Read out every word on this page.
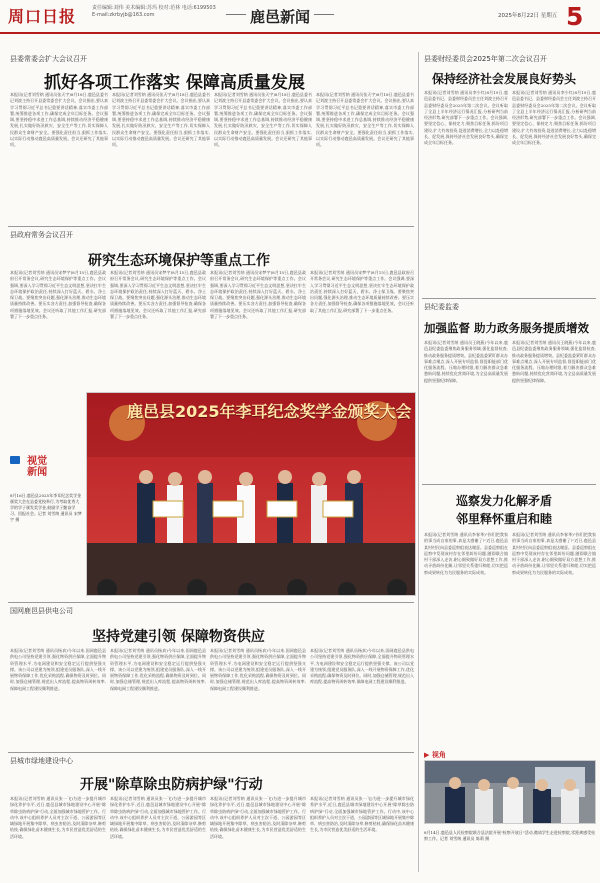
周口日报	责任编辑:刘伟 美术编辑:苏玛 校对:范林 电话:6199503
E-mail:zkrbyjb@163.com	鹿邑新闻	2025年8月22日 星期五 5
县委常委会扩大会议召开
抓好各项工作落实 保障高质量发展
本报讯(记者刘雪纳 通讯员张天宇)8月18日,鹿邑县委书记刘波主持召开县委常委会扩大会议。会议指出,要认真学习贯彻习近平总书记重要讲话精神,落实市委工作部署,统筹推进各项工作,确保完成全年目标任务。会议强调,要坚持稳中求进工作总基调,持续推动经济平稳健康发展,扎实做好防汛救灾、安全生产等工作,切实保障人民群众生命财产安全。要强化责任担当,狠抓工作落实,以实际行动推动鹿邑高质量发展。会议还研究了其他事项。
本报讯(记者刘雪纳 通讯员张天宇)8月18日,鹿邑县委书记刘波主持召开县委常委会扩大会议。会议指出,要认真学习贯彻习近平总书记重要讲话精神,落实市委工作部署,统筹推进各项工作,确保完成全年目标任务。会议强调,要坚持稳中求进工作总基调,持续推动经济平稳健康发展,扎实做好防汛救灾、安全生产等工作,切实保障人民群众生命财产安全。要强化责任担当,狠抓工作落实,以实际行动推动鹿邑高质量发展。会议还研究了其他事项。
本报讯(记者刘雪纳 通讯员张天宇)8月18日,鹿邑县委书记刘波主持召开县委常委会扩大会议。会议指出,要认真学习贯彻习近平总书记重要讲话精神,落实市委工作部署,统筹推进各项工作,确保完成全年目标任务。会议强调,要坚持稳中求进工作总基调,持续推动经济平稳健康发展,扎实做好防汛救灾、安全生产等工作,切实保障人民群众生命财产安全。要强化责任担当,狠抓工作落实,以实际行动推动鹿邑高质量发展。会议还研究了其他事项。
本报讯(记者刘雪纳 通讯员张天宇)8月18日,鹿邑县委书记刘波主持召开县委常委会扩大会议。会议指出,要认真学习贯彻习近平总书记重要讲话精神,落实市委工作部署,统筹推进各项工作,确保完成全年目标任务。会议强调,要坚持稳中求进工作总基调,持续推动经济平稳健康发展,扎实做好防汛救灾、安全生产等工作,切实保障人民群众生命财产安全。要强化责任担当,狠抓工作落实,以实际行动推动鹿邑高质量发展。会议还研究了其他事项。
县政府常务会议召开
研究生态环境保护等重点工作
本报讯(记者刘雪纳 通讯员宋梦宇)8月15日,鹿邑县政府召开常务会议,研究生态环境保护等重点工作。会议强调,要深入学习贯彻习近平生态文明思想,坚决扛牢生态环境保护政治责任,持续深入打好蓝天、碧水、净土保卫战。要聚焦突出问题,强化源头治理,推动生态环境质量持续改善。要压实各方责任,加强督导检查,确保各项措施落地见效。会议还听取了其他工作汇报,研究部署了下一步重点任务。
本报讯(记者刘雪纳 通讯员宋梦宇)8月15日,鹿邑县政府召开常务会议,研究生态环境保护等重点工作。会议强调,要深入学习贯彻习近平生态文明思想,坚决扛牢生态环境保护政治责任,持续深入打好蓝天、碧水、净土保卫战。要聚焦突出问题,强化源头治理,推动生态环境质量持续改善。要压实各方责任,加强督导检查,确保各项措施落地见效。会议还听取了其他工作汇报,研究部署了下一步重点任务。
本报讯(记者刘雪纳 通讯员宋梦宇)8月15日,鹿邑县政府召开常务会议,研究生态环境保护等重点工作。会议强调,要深入学习贯彻习近平生态文明思想,坚决扛牢生态环境保护政治责任,持续深入打好蓝天、碧水、净土保卫战。要聚焦突出问题,强化源头治理,推动生态环境质量持续改善。要压实各方责任,加强督导检查,确保各项措施落地见效。会议还听取了其他工作汇报,研究部署了下一步重点任务。
本报讯(记者刘雪纳 通讯员宋梦宇)8月15日,鹿邑县政府召开常务会议,研究生态环境保护等重点工作。会议强调,要深入学习贯彻习近平生态文明思想,坚决扛牢生态环境保护政治责任,持续深入打好蓝天、碧水、净土保卫战。要聚焦突出问题,强化源头治理,推动生态环境质量持续改善。要压实各方责任,加强督导检查,确保各项措施落地见效。会议还听取了其他工作汇报,研究部署了下一步重点任务。

视觉
新闻
8月16日,鹿邑县2025年李耳纪念奖学金颁奖大会在县委党校举行,为考取优秀大学的学子颁发奖学金,鼓励学子勤奋学习、回报社会。记者 刘雪纳 通讯员 宋梦宇 摄
鹿邑县2025年李耳纪念奖学金颁奖大会
国网鹿邑县供电公司
坚持党建引领 保障物资供应
本报讯(记者刘雪纳 通讯员杨真)今年以来,国网鹿邑县供电公司坚持党建引领,强化物资供应保障,全面提升物资管理水平,为电网建设和安全稳定运行提供坚强支撑。该公司以党建为统领,组建党员服务队,深入一线开展物资保障工作,优化采购流程,确保物资及时到位。同时,加强仓储管理,规范出入库流程,提高物资周转效率,保障电网工程建设顺利推进。
本报讯(记者刘雪纳 通讯员杨真)今年以来,国网鹿邑县供电公司坚持党建引领,强化物资供应保障,全面提升物资管理水平,为电网建设和安全稳定运行提供坚强支撑。该公司以党建为统领,组建党员服务队,深入一线开展物资保障工作,优化采购流程,确保物资及时到位。同时,加强仓储管理,规范出入库流程,提高物资周转效率,保障电网工程建设顺利推进。
本报讯(记者刘雪纳 通讯员杨真)今年以来,国网鹿邑县供电公司坚持党建引领,强化物资供应保障,全面提升物资管理水平,为电网建设和安全稳定运行提供坚强支撑。该公司以党建为统领,组建党员服务队,深入一线开展物资保障工作,优化采购流程,确保物资及时到位。同时,加强仓储管理,规范出入库流程,提高物资周转效率,保障电网工程建设顺利推进。
本报讯(记者刘雪纳 通讯员杨真)今年以来,国网鹿邑县供电公司坚持党建引领,强化物资供应保障,全面提升物资管理水平,为电网建设和安全稳定运行提供坚强支撑。该公司以党建为统领,组建党员服务队,深入一线开展物资保障工作,优化采购流程,确保物资及时到位。同时,加强仓储管理,规范出入库流程,提高物资周转效率,保障电网工程建设顺利推进。
县城市绿地建设中心
开展"除草除虫防病护绿"行动
本报讯(记者刘雪纳 通讯员张一飞)为进一步提升城市绿化养护水平,近日,鹿邑县城市绿地建设中心开展"除草除虫防病护绿"行动,全面加强城市绿地管护工作。行动中,该中心组织养护人员对主次干道、公园游园等区域绿地开展集中除草、病虫害防治,及时清除杂草,修剪枯枝,确保绿化苗木健康生长,为市民营造优美舒适的生活环境。
本报讯(记者刘雪纳 通讯员张一飞)为进一步提升城市绿化养护水平,近日,鹿邑县城市绿地建设中心开展"除草除虫防病护绿"行动,全面加强城市绿地管护工作。行动中,该中心组织养护人员对主次干道、公园游园等区域绿地开展集中除草、病虫害防治,及时清除杂草,修剪枯枝,确保绿化苗木健康生长,为市民营造优美舒适的生活环境。
本报讯(记者刘雪纳 通讯员张一飞)为进一步提升城市绿化养护水平,近日,鹿邑县城市绿地建设中心开展"除草除虫防病护绿"行动,全面加强城市绿地管护工作。行动中,该中心组织养护人员对主次干道、公园游园等区域绿地开展集中除草、病虫害防治,及时清除杂草,修剪枯枝,确保绿化苗木健康生长,为市民营造优美舒适的生活环境。
本报讯(记者刘雪纳 通讯员张一飞)为进一步提升城市绿化养护水平,近日,鹿邑县城市绿地建设中心开展"除草除虫防病护绿"行动,全面加强城市绿地管护工作。行动中,该中心组织养护人员对主次干道、公园游园等区域绿地开展集中除草、病虫害防治,及时清除杂草,修剪枯枝,确保绿化苗木健康生长,为市民营造优美舒适的生活环境。
县委财经委员会2025年第二次会议召开
保持经济社会发展良好势头
本报讯(记者刘雪纳 通讯员李少红)8月19日,鹿邑县委书记、县委财经委员会主任刘波主持召开县委财经委员会2025年第二次会议。会议听取了全县上半年经济运行情况汇报,分析研判当前经济形势,研究部署下一步重点工作。会议强调,要坚定信心、保持定力,聚焦目标任务,抓好项目建设,扩大有效投资,促进消费增长,全力以赴稳增长、促发展,保持经济社会发展良好势头,确保完成全年目标任务。
本报讯(记者刘雪纳 通讯员李少红)8月19日,鹿邑县委书记、县委财经委员会主任刘波主持召开县委财经委员会2025年第二次会议。会议听取了全县上半年经济运行情况汇报,分析研判当前经济形势,研究部署下一步重点工作。会议强调,要坚定信心、保持定力,聚焦目标任务,抓好项目建设,扩大有效投资,促进消费增长,全力以赴稳增长、促发展,保持经济社会发展良好势头,确保完成全年目标任务。
县纪委监委
加强监督 助力政务服务提质增效
本报讯(记者刘雪纳 通讯员王晓燕)今年以来,鹿邑县纪委监委聚焦政务服务领域,强化监督检查,推动政务服务提质增效。县纪委监委紧盯群众办事难点堵点,深入开展专项监督,督促职能部门优化服务流程、压缩办理时限,着力解决群众急难愁盼问题,持续优化营商环境,为全县高质量发展提供坚强纪律保障。
本报讯(记者刘雪纳 通讯员王晓燕)今年以来,鹿邑县纪委监委聚焦政务服务领域,强化监督检查,推动政务服务提质增效。县纪委监委紧盯群众办事难点堵点,深入开展专项监督,督促职能部门优化服务流程、压缩办理时限,着力解决群众急难愁盼问题,持续优化营商环境,为全县高质量发展提供坚强纪律保障。
巡察发力化解矛盾
邻里释怀重启和睦
本报讯(记者刘雪纳 通讯员李春华)"你们把我家的事当成自家的事,真是太感谢了!"近日,鹿邑县某村村民向县委巡察组表达谢意。县委巡察组在巡察中发现该村存在邻里纠纷问题,随即联合镇村干部深入走访,耐心细致做好双方思想工作,推动矛盾纠纷化解,让邻里关系重归和睦,切实把巡察成果转化为为民服务的实际成效。
本报讯(记者刘雪纳 通讯员李春华)"你们把我家的事当成自家的事,真是太感谢了!"近日,鹿邑县某村村民向县委巡察组表达谢意。县委巡察组在巡察中发现该村存在邻里纠纷问题,随即联合镇村干部深入走访,耐心细致做好双方思想工作,推动矛盾纠纷化解,让邻里关系重归和睦,切实把巡察成果转化为为民服务的实际成效。
▶ 视角
8月14日,鹿邑县人民检察院联合县法院开展"检察开放日"活动,邀请学生走进检察院,零距离感受检察工作。记者 刘雪纳 通讯员 陈莉 摄
